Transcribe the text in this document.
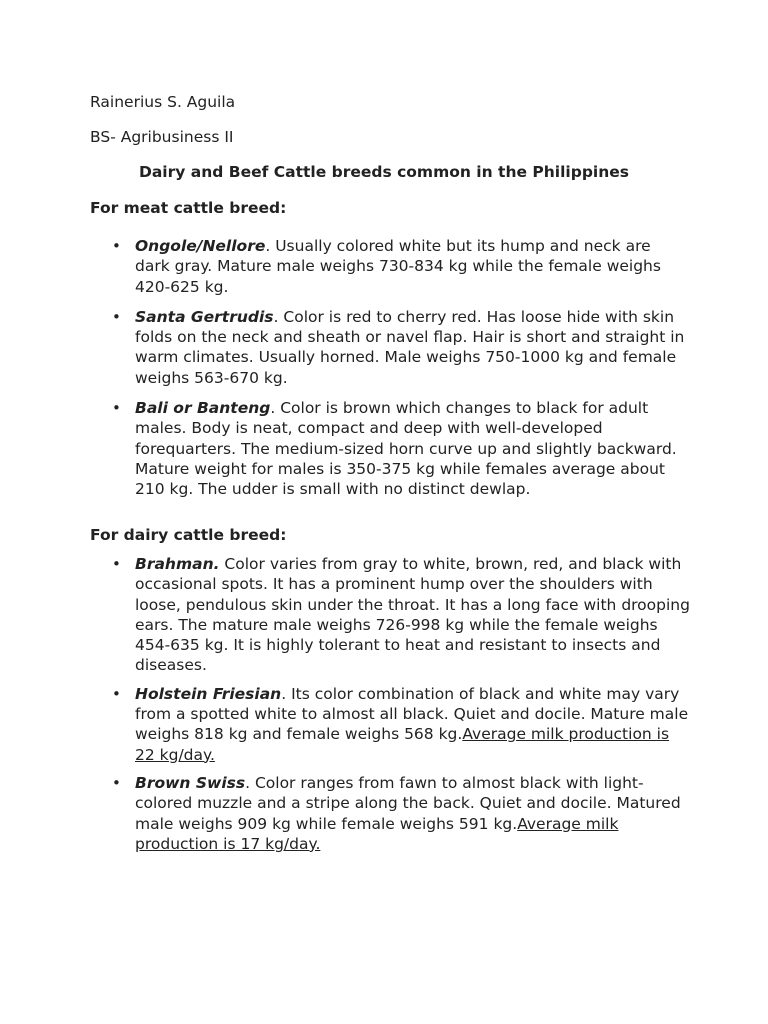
Rainerius S. Aguila
BS- Agribusiness II
Dairy and Beef Cattle breeds common in the Philippines
For meat cattle breed:
• Ongole/Nellore. Usually colored white but its hump and neck are dark gray. Mature male weighs 730-834 kg while the female weighs 420-625 kg.
• Santa Gertrudis. Color is red to cherry red. Has loose hide with skin folds on the neck and sheath or navel flap. Hair is short and straight in warm climates. Usually horned. Male weighs 750-1000 kg and female weighs 563-670 kg.
• Bali or Banteng. Color is brown which changes to black for adult males. Body is neat, compact and deep with well-developed forequarters. The medium-sized horn curve up and slightly backward. Mature weight for males is 350-375 kg while females average about 210 kg. The udder is small with no distinct dewlap.
For dairy cattle breed:
• Brahman. Color varies from gray to white, brown, red, and black with occasional spots. It has a prominent hump over the shoulders with loose, pendulous skin under the throat. It has a long face with drooping ears. The mature male weighs 726-998 kg while the female weighs 454-635 kg. It is highly tolerant to heat and resistant to insects and diseases.
• Holstein Friesian. Its color combination of black and white may vary from a spotted white to almost all black. Quiet and docile. Mature male weighs 818 kg and female weighs 568 kg.Average milk production is 22 kg/day.
• Brown Swiss. Color ranges from fawn to almost black with light-colored muzzle and a stripe along the back. Quiet and docile. Matured male weighs 909 kg while female weighs 591 kg.Average milk production is 17 kg/day.
